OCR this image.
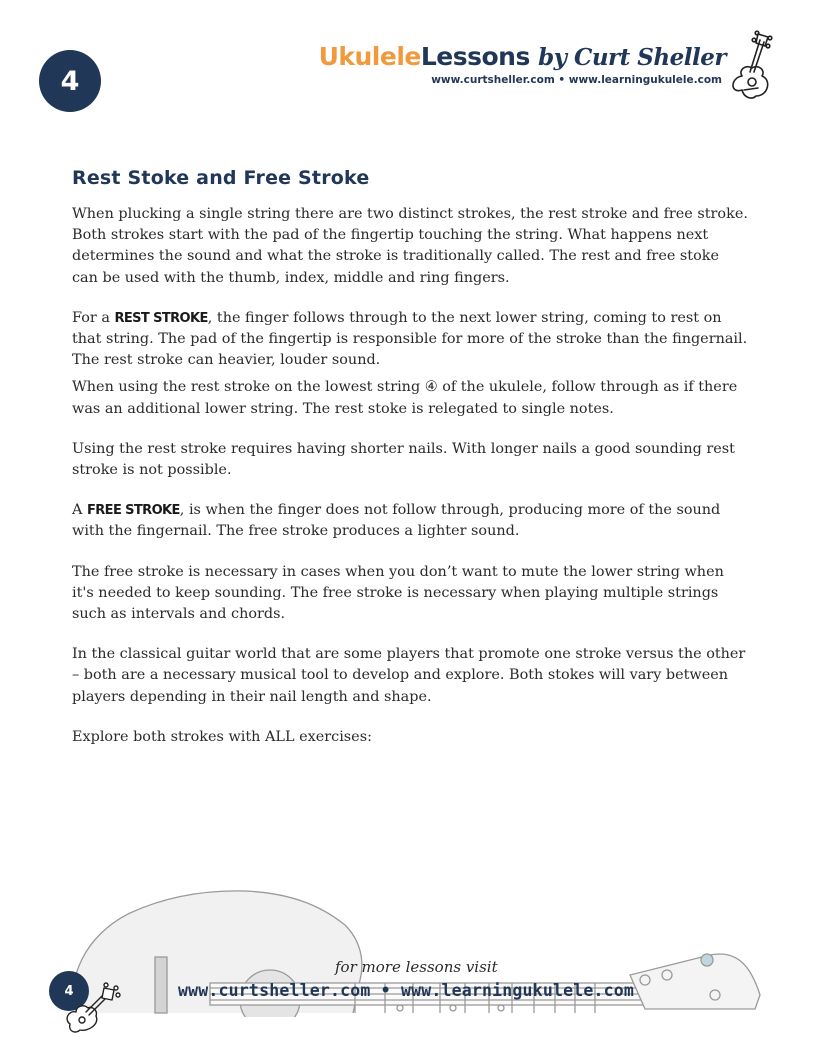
4
UkuleleLessons by Curt Sheller
www.curtsheller.com • www.learningukulele.com
Rest Stoke and Free Stroke

When plucking a single string there are two distinct strokes, the rest stroke and free stroke. Both strokes start with the pad of the fingertip touching the string. What happens next determines the sound and what the stroke is traditionally called. The rest and free stoke can be used with the thumb, index, middle and ring fingers.

For a REST STROKE, the finger follows through to the next lower string, coming to rest on that string. The pad of the fingertip is responsible for more of the stroke than the fingernail. The rest stroke can heavier, louder sound.

When using the rest stroke on the lowest string ④ of the ukulele, follow through as if there was an additional lower string. The rest stoke is relegated to single notes.

Using the rest stroke requires having shorter nails. With longer nails a good sounding rest stroke is not possible.

A FREE STROKE, is when the finger does not follow through, producing more of the sound with the fingernail. The free stroke produces a lighter sound.

The free stroke is necessary in cases when you don’t want to mute the lower string when it's needed to keep sounding. The free stroke is necessary when playing multiple strings such as intervals and chords.

In the classical guitar world that are some players that promote one stroke versus the other – both are a necessary musical tool to develop and explore. Both stokes will vary between players depending in their nail length and shape.

Explore both strokes with ALL exercises:

4
for more lessons visit
www.curtsheller.com • www.learningukulele.com
